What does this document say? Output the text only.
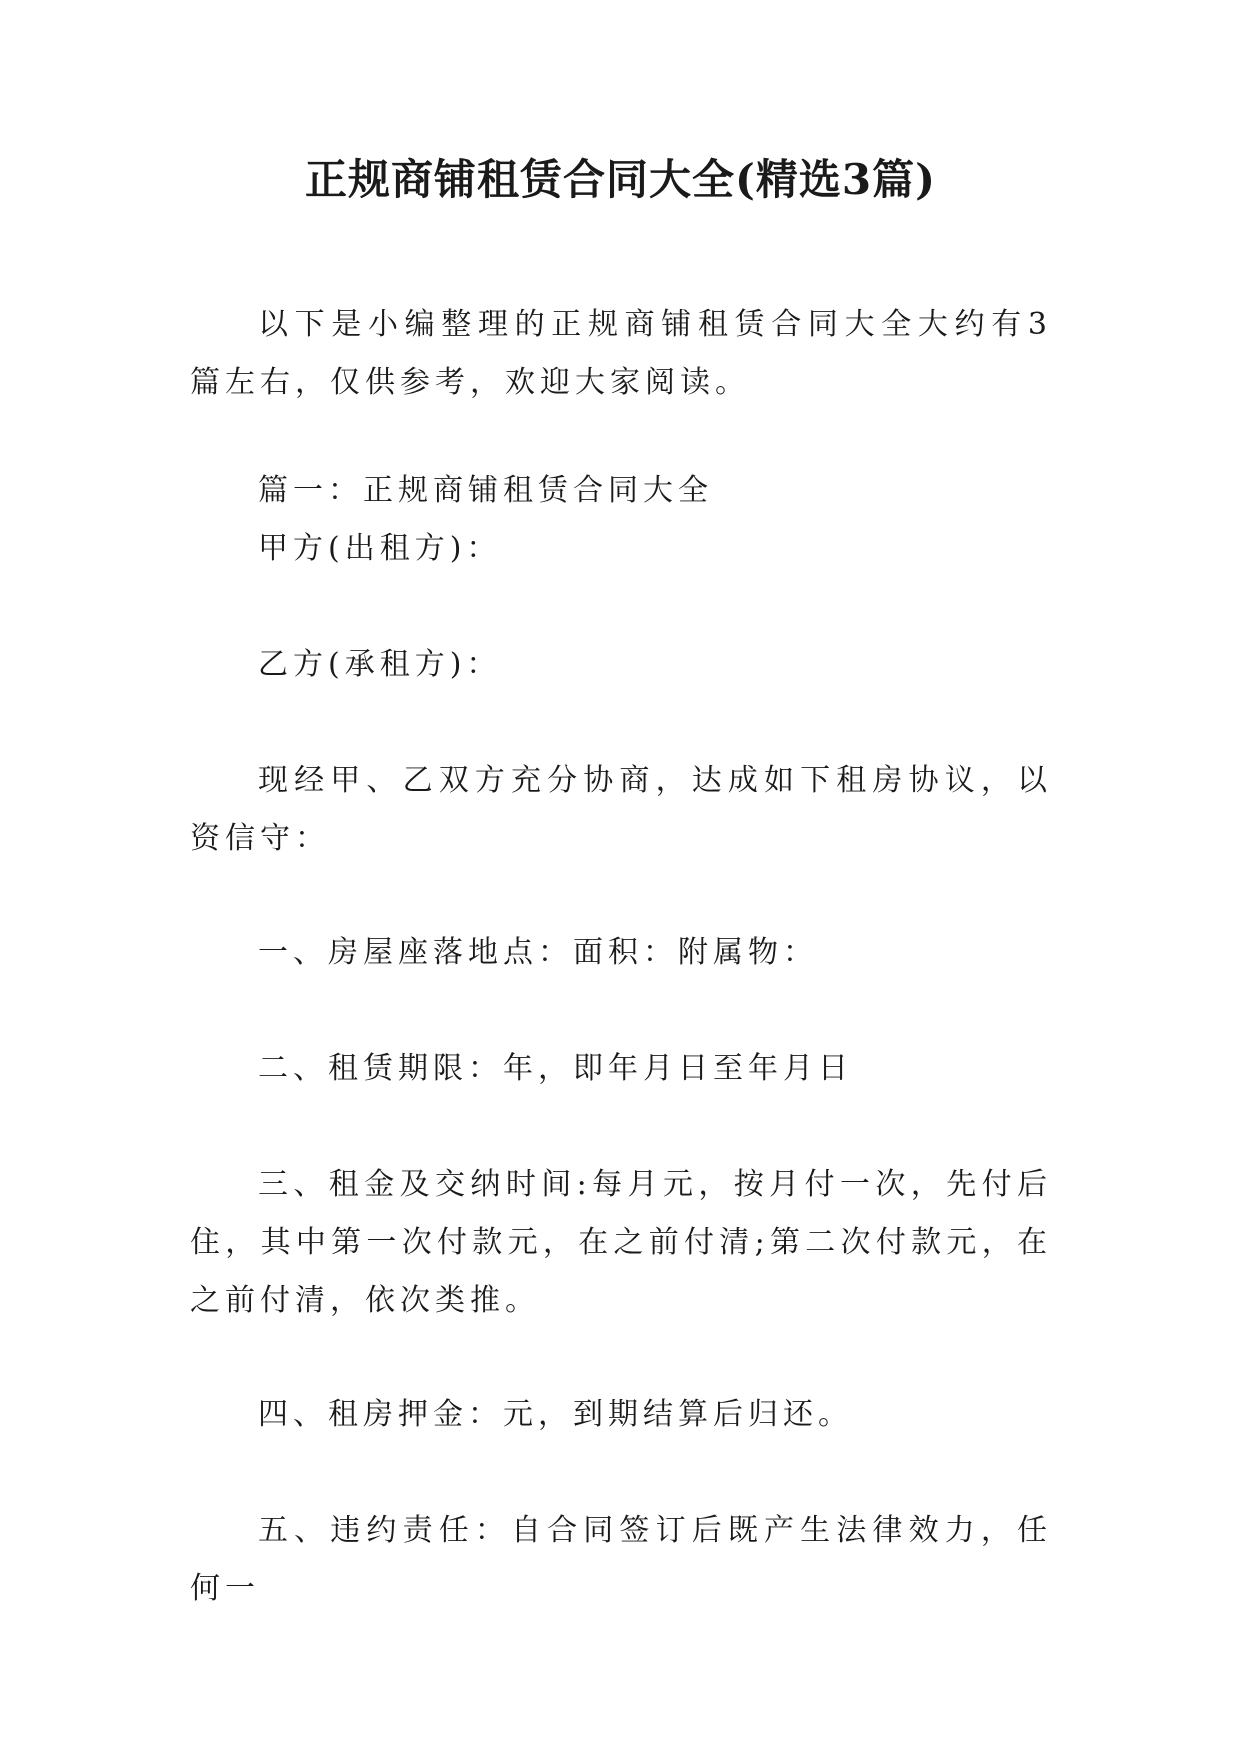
正规商铺租赁合同大全(精选3篇)

以下是小编整理的正规商铺租赁合同大全大约有3篇左右，仅供参考，欢迎大家阅读。

篇一：正规商铺租赁合同大全

甲方(出租方)：

乙方(承租方)：

现经甲、乙双方充分协商，达成如下租房协议，以资信守：

一、房屋座落地点：面积：附属物：

二、租赁期限：年，即年月日至年月日

三、租金及交纳时间:每月元，按月付一次，先付后住，其中第一次付款元，在之前付清;第二次付款元，在之前付清，依次类推。

四、租房押金：元，到期结算后归还。

五、违约责任：自合同签订后既产生法律效力，任何一
